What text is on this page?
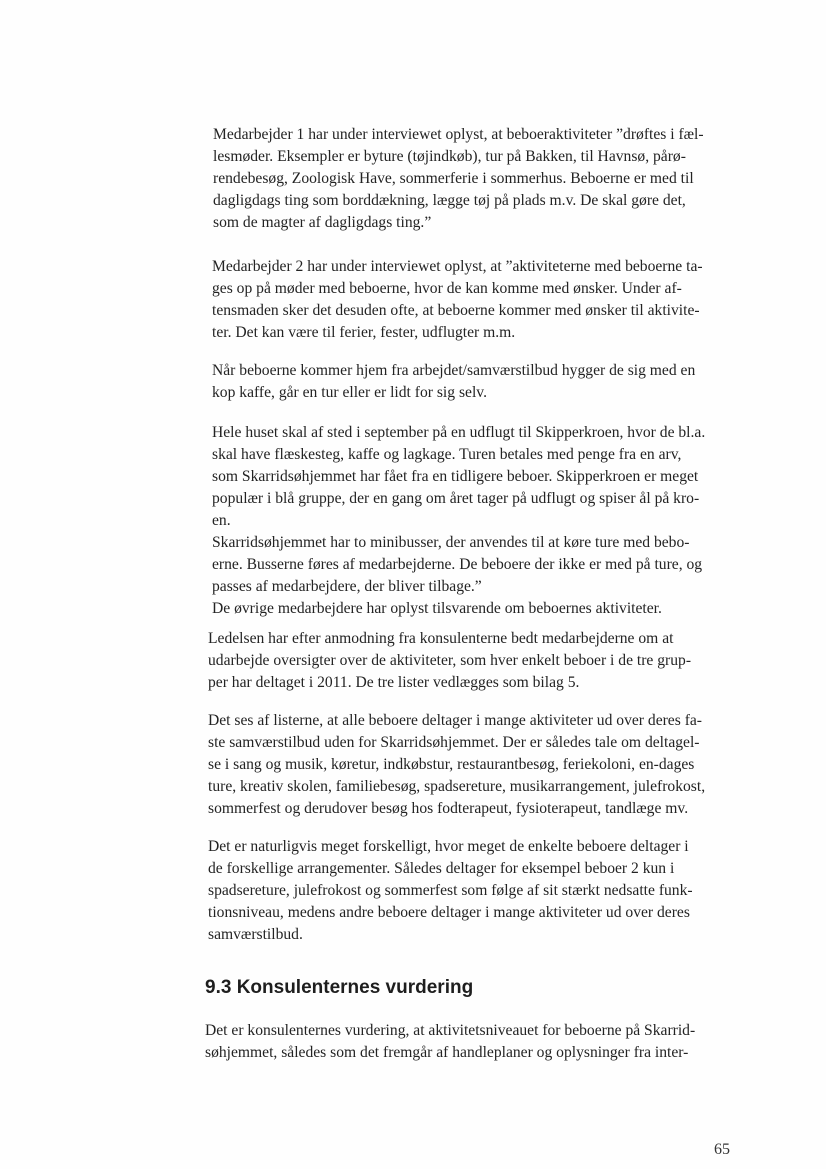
Medarbejder 1 har under interviewet oplyst, at beboeraktiviteter ”drøftes i fæl-
lesmøder. Eksempler er byture (tøjindkøb), tur på Bakken, til Havnsø, pårø-
rendebesøg, Zoologisk Have, sommerferie i sommerhus. Beboerne er med til
dagligdags ting som borddækning, lægge tøj på plads m.v. De skal gøre det,
som de magter af dagligdags ting.”

Medarbejder 2 har under interviewet oplyst, at ”aktiviteterne med beboerne ta-
ges op på møder med beboerne, hvor de kan komme med ønsker. Under af-
tensmaden sker det desuden ofte, at beboerne kommer med ønsker til aktivite-
ter. Det kan være til ferier, fester, udflugter m.m.

Når beboerne kommer hjem fra arbejdet/samværstilbud hygger de sig med en
kop kaffe, går en tur eller er lidt for sig selv.

Hele huset skal af sted i september på en udflugt til Skipperkroen, hvor de bl.a.
skal have flæskesteg, kaffe og lagkage. Turen betales med penge fra en arv,
som Skarridsøhjemmet har fået fra en tidligere beboer. Skipperkroen er meget
populær i blå gruppe, der en gang om året tager på udflugt og spiser ål på kro-
en.
Skarridsøhjemmet har to minibusser, der anvendes til at køre ture med bebo-
erne. Busserne føres af medarbejderne. De beboere der ikke er med på ture, og
passes af medarbejdere, der bliver tilbage.”
De øvrige medarbejdere har oplyst tilsvarende om beboernes aktiviteter.

Ledelsen har efter anmodning fra konsulenterne bedt medarbejderne om at
udarbejde oversigter over de aktiviteter, som hver enkelt beboer i de tre grup-
per har deltaget i 2011. De tre lister vedlægges som bilag 5.

Det ses af listerne, at alle beboere deltager i mange aktiviteter ud over deres fa-
ste samværstilbud uden for Skarridsøhjemmet. Der er således tale om deltagel-
se i sang og musik, køretur, indkøbstur, restaurantbesøg, feriekoloni, en-dages
ture, kreativ skolen, familiebesøg, spadsereture, musikarrangement, julefrokost,
sommerfest og derudover besøg hos fodterapeut, fysioterapeut, tandlæge mv.

Det er naturligvis meget forskelligt, hvor meget de enkelte beboere deltager i
de forskellige arrangementer. Således deltager for eksempel beboer 2 kun i
spadsereture, julefrokost og sommerfest som følge af sit stærkt nedsatte funk-
tionsniveau, medens andre beboere deltager i mange aktiviteter ud over deres
samværstilbud.

9.3 Konsulenternes vurdering

Det er konsulenternes vurdering, at aktivitetsniveauet for beboerne på Skarrid-
søhjemmet, således som det fremgår af handleplaner og oplysninger fra inter-

65
